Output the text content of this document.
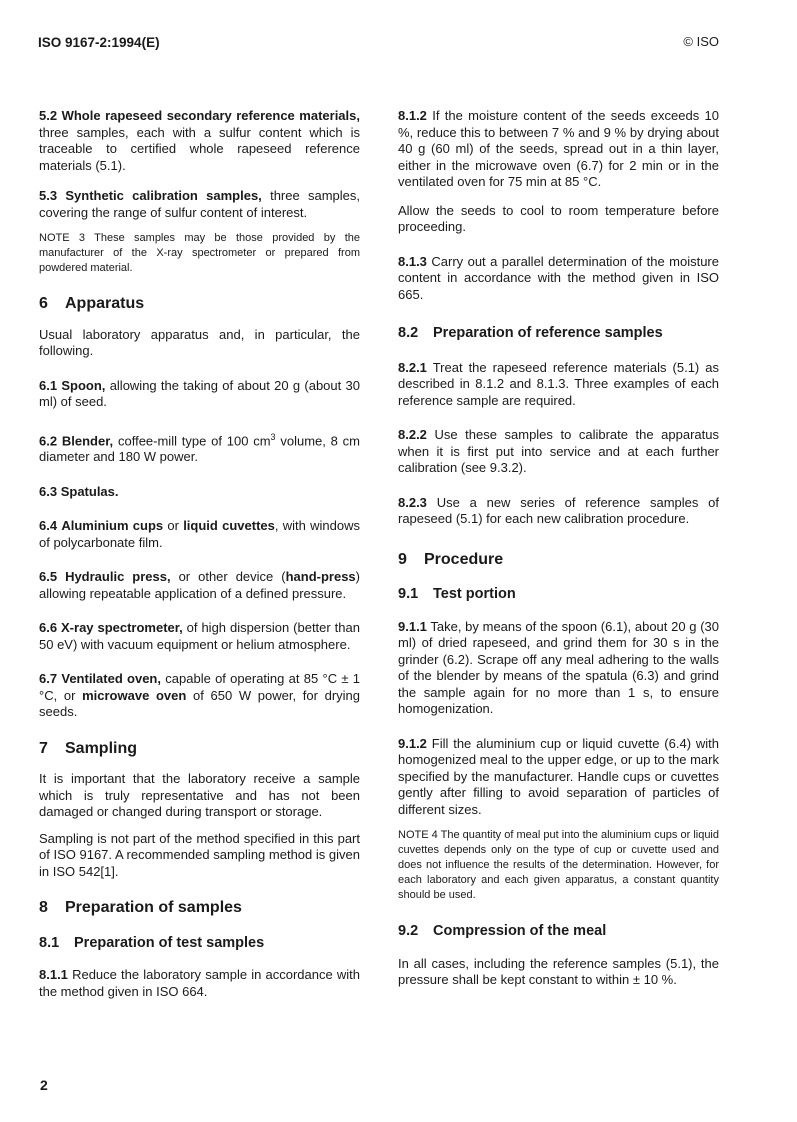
ISO 9167-2:1994(E)	© ISO

5.2 Whole rapeseed secondary reference materials, three samples, each with a sulfur content which is traceable to certified whole rapeseed reference materials (5.1).

5.3 Synthetic calibration samples, three samples, covering the range of sulfur content of interest.

NOTE 3 These samples may be those provided by the manufacturer of the X-ray spectrometer or prepared from powdered material.

6 Apparatus

Usual laboratory apparatus and, in particular, the following.

6.1 Spoon, allowing the taking of about 20 g (about 30 ml) of seed.

6.2 Blender, coffee-mill type of 100 $cm^3$ volume, 8 cm diameter and 180 W power.

6.3 Spatulas.

6.4 Aluminium cups or liquid cuvettes, with windows of polycarbonate film.

6.5 Hydraulic press, or other device (hand-press) allowing repeatable application of a defined pressure.

6.6 X-ray spectrometer, of high dispersion (better than 50 eV) with vacuum equipment or helium atmosphere.

6.7 Ventilated oven, capable of operating at 85 °C ± 1 °C, or microwave oven of 650 W power, for drying seeds.

7 Sampling

It is important that the laboratory receive a sample which is truly representative and has not been damaged or changed during transport or storage.

Sampling is not part of the method specified in this part of ISO 9167. A recommended sampling method is given in ISO 542[1].

8 Preparation of samples
8.1 Preparation of test samples

8.1.1 Reduce the laboratory sample in accordance with the method given in ISO 664.

8.1.2 If the moisture content of the seeds exceeds 10 %, reduce this to between 7 % and 9 % by drying about 40 g (60 ml) of the seeds, spread out in a thin layer, either in the microwave oven (6.7) for 2 min or in the ventilated oven for 75 min at 85 °C.

Allow the seeds to cool to room temperature before proceeding.

8.1.3 Carry out a parallel determination of the moisture content in accordance with the method given in ISO 665.

8.2 Preparation of reference samples

8.2.1 Treat the rapeseed reference materials (5.1) as described in 8.1.2 and 8.1.3. Three examples of each reference sample are required.

8.2.2 Use these samples to calibrate the apparatus when it is first put into service and at each further calibration (see 9.3.2).

8.2.3 Use a new series of reference samples of rapeseed (5.1) for each new calibration procedure.

9 Procedure
9.1 Test portion

9.1.1 Take, by means of the spoon (6.1), about 20 g (30 ml) of dried rapeseed, and grind them for 30 s in the grinder (6.2). Scrape off any meal adhering to the walls of the blender by means of the spatula (6.3) and grind the sample again for no more than 1 s, to ensure homogenization.

9.1.2 Fill the aluminium cup or liquid cuvette (6.4) with homogenized meal to the upper edge, or up to the mark specified by the manufacturer. Handle cups or cuvettes gently after filling to avoid separation of particles of different sizes.

NOTE 4 The quantity of meal put into the aluminium cups or liquid cuvettes depends only on the type of cup or cuvette used and does not influence the results of the determination. However, for each laboratory and each given apparatus, a constant quantity should be used.

9.2 Compression of the meal

In all cases, including the reference samples (5.1), the pressure shall be kept constant to within ± 10 %.

2
